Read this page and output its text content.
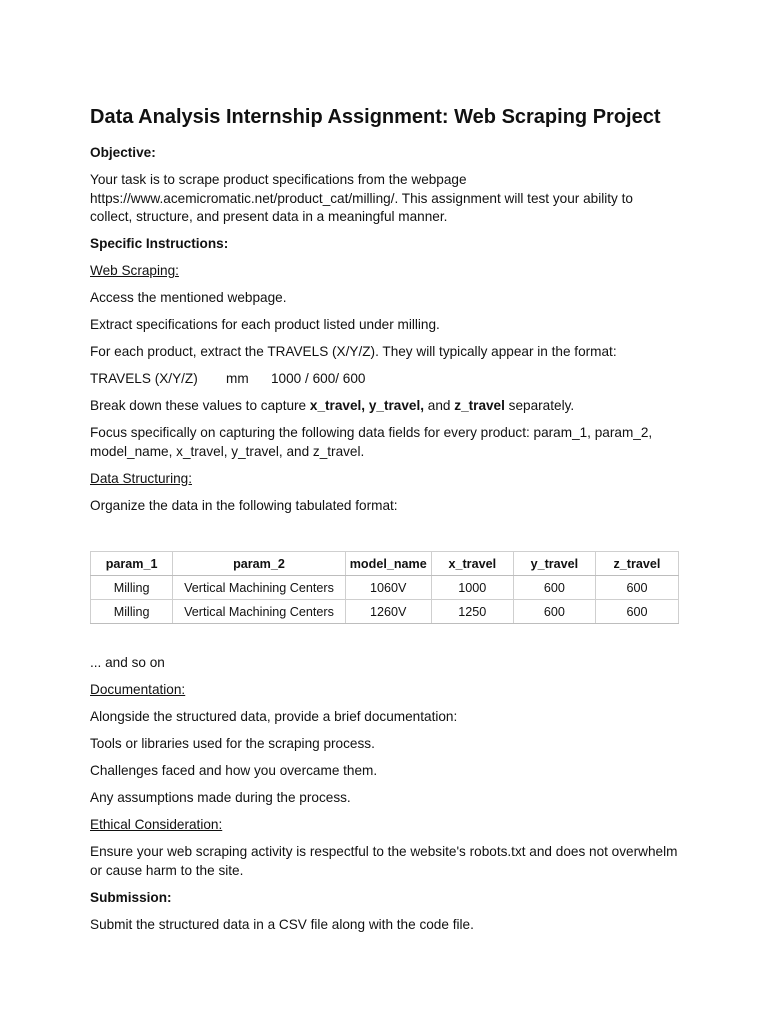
Data Analysis Internship Assignment: Web Scraping Project

Objective:

Your task is to scrape product specifications from the webpage https://www.acemicromatic.net/product_cat/milling/. This assignment will test your ability to collect, structure, and present data in a meaningful manner.

Specific Instructions:

Web Scraping:

Access the mentioned webpage.

Extract specifications for each product listed under milling.

For each product, extract the TRAVELS (X/Y/Z). They will typically appear in the format:

TRAVELS (X/Y/Z) mm 1000 / 600/ 600

Break down these values to capture x_travel, y_travel, and z_travel separately.

Focus specifically on capturing the following data fields for every product: param_1, param_2, model_name, x_travel, y_travel, and z_travel.

Data Structuring:

Organize the data in the following tabulated format:

param_1	param_2	model_name	x_travel	y_travel	z_travel
Milling	Vertical Machining Centers	1060V	1000	600	600
Milling	Vertical Machining Centers	1260V	1250	600	600

... and so on

Documentation:

Alongside the structured data, provide a brief documentation:

Tools or libraries used for the scraping process.

Challenges faced and how you overcame them.

Any assumptions made during the process.

Ethical Consideration:

Ensure your web scraping activity is respectful to the website's robots.txt and does not overwhelm or cause harm to the site.

Submission:

Submit the structured data in a CSV file along with the code file.
